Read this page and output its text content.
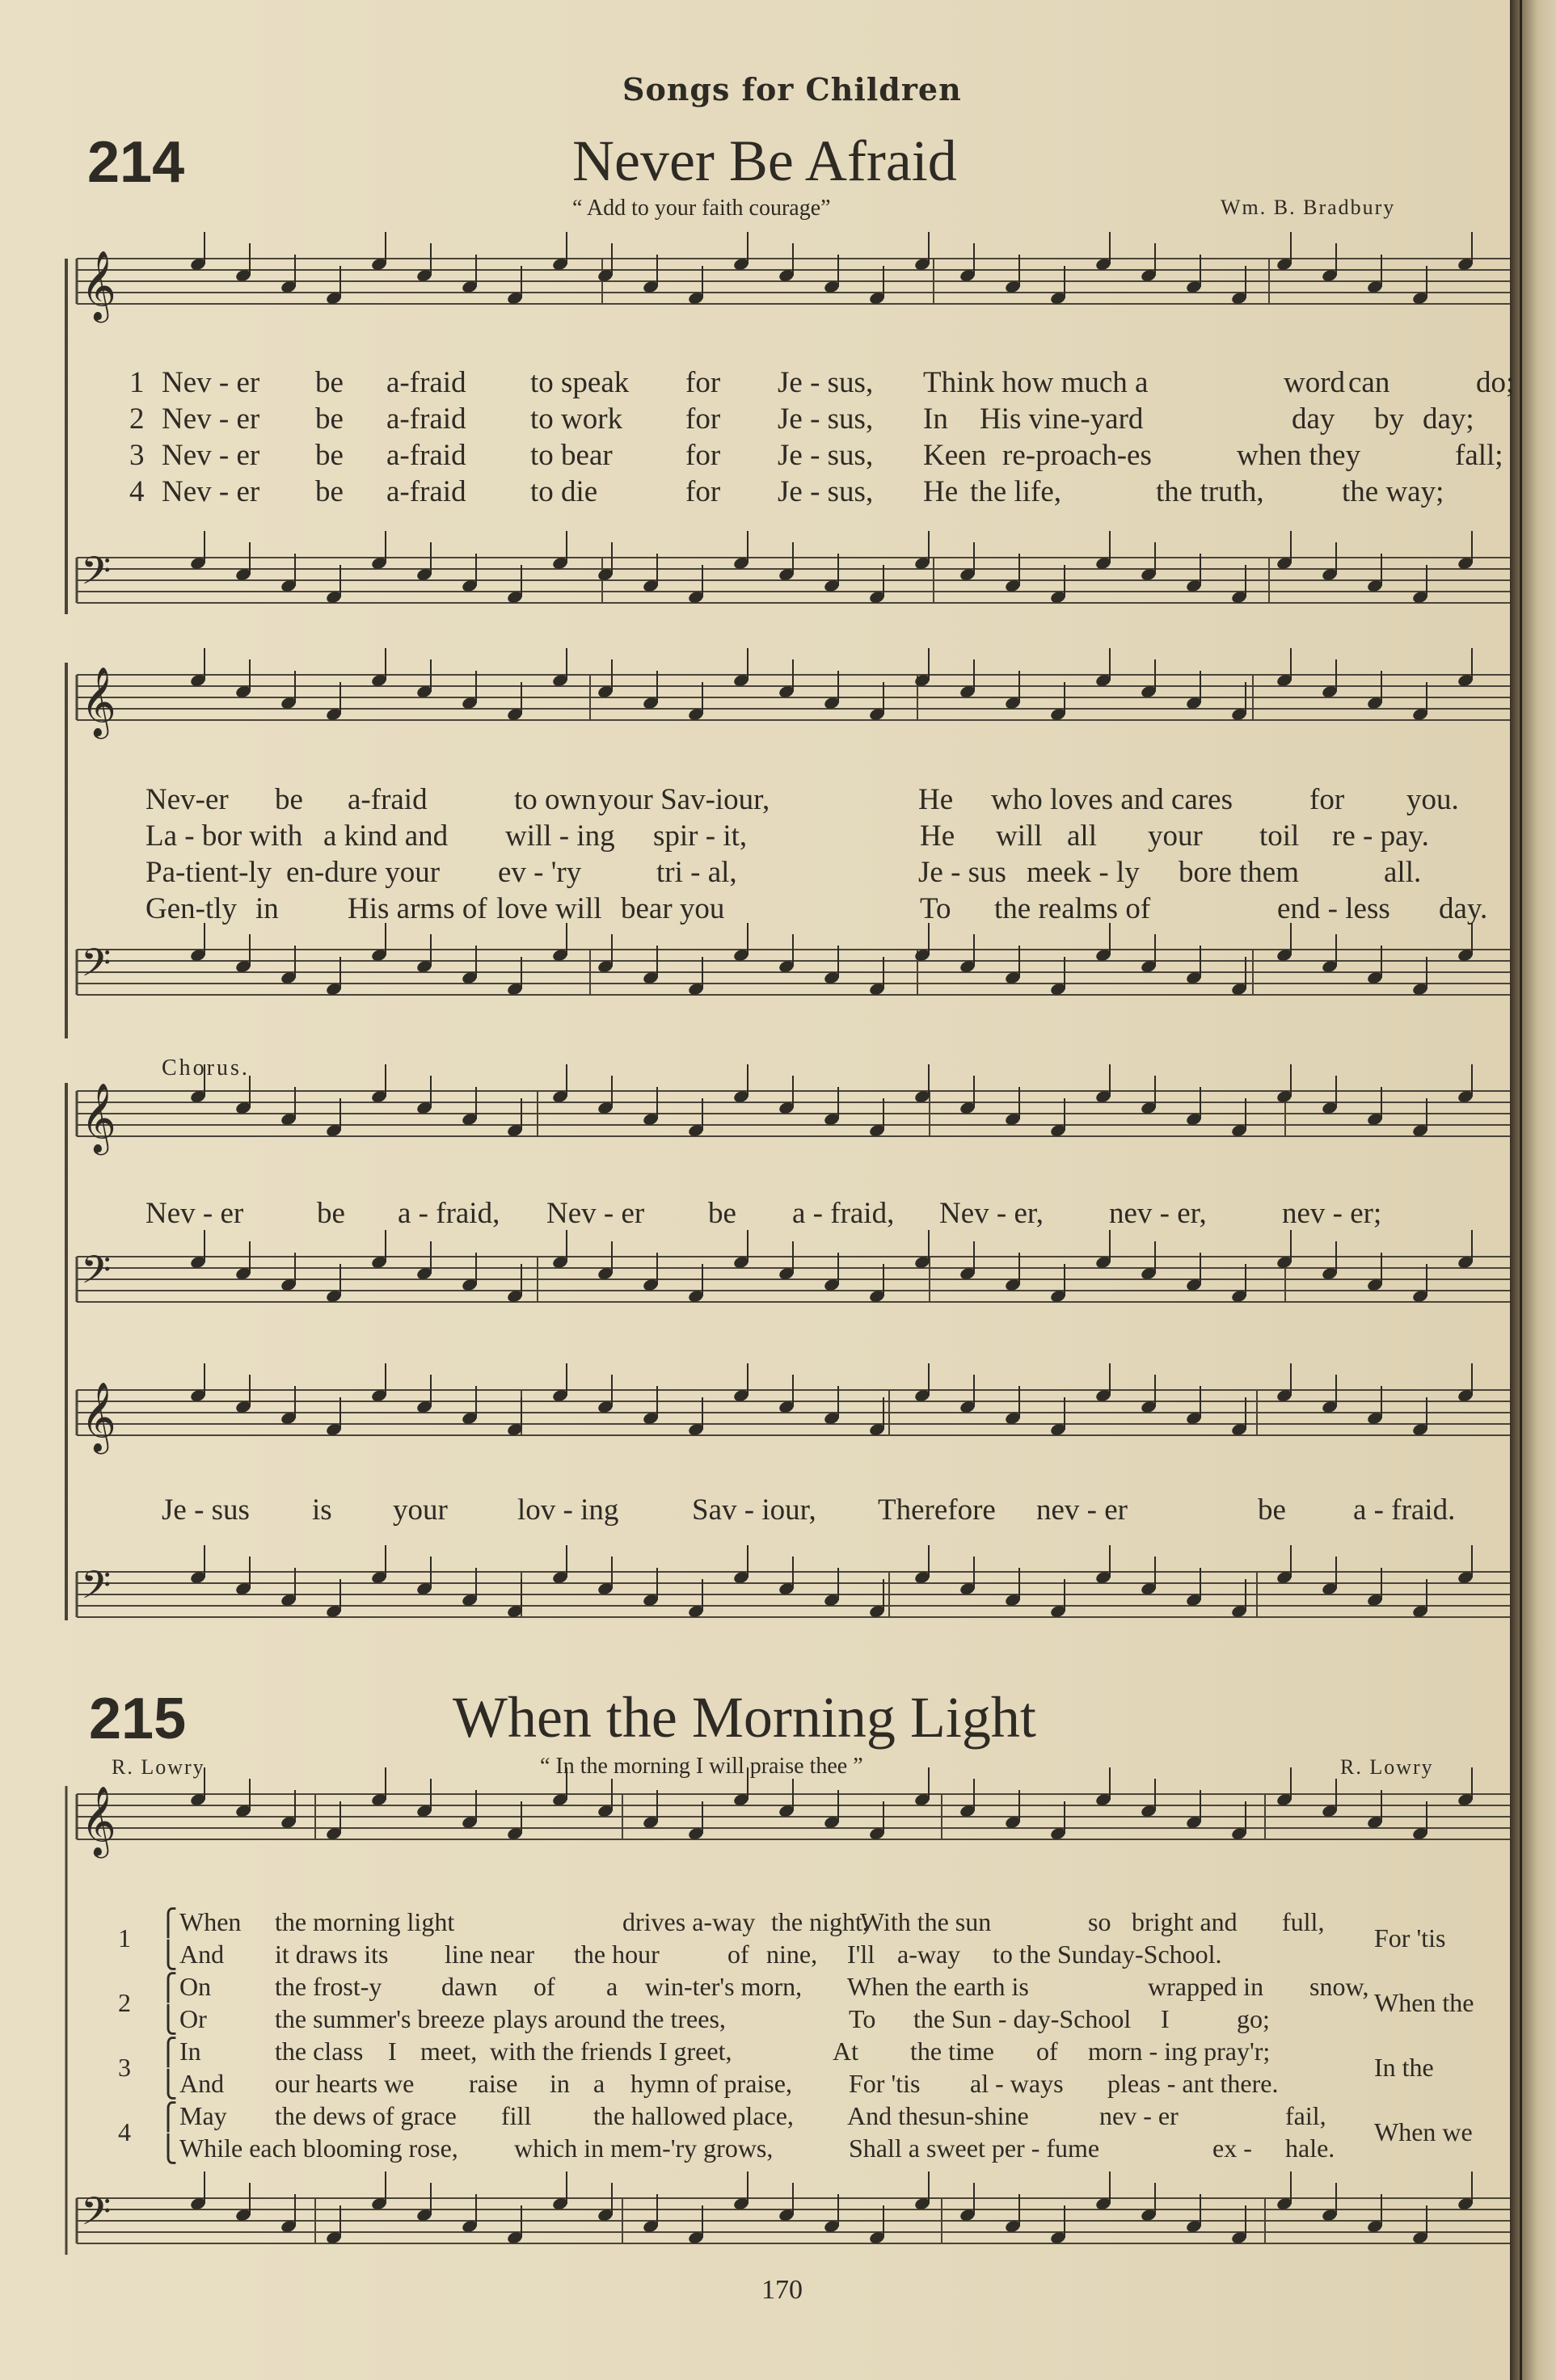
Songs for Children
214	Never Be Afraid
“ Add to your faith courage”	Wm. B. Bradbury
𝄞
𝄞
𝄞
𝄞
𝄞
𝄢
𝄢
𝄢
𝄢
𝄢
1 Nev - er be a-fraid to speak for Je - sus, Think how much a	word can	do;
2 Nev - er be a-fraid to work for Je - sus, In His vine-yard	day by day;
3 Nev - er be a-fraid to bear for Je - sus, Keen re-proach-es	when they	fall;
4 Nev - er be a-fraid to die	for Je - sus, He the life,	the truth,	the way;
Nev-er be a-fraid	to own your Sav-iour,	He who loves and cares	for you.
La - bor with a kind and will - ing spir - it,	He will all your toil re - pay.
Pa-tient-ly en-dure your ev - 'ry	tri - al,	Je - sus meek - ly bore them	all.
Gen-tly in His arms of love will bear you	To the realms of	end - less day.
Chorus.
Nev - er be a - fraid, Nev - er be a - fraid, Nev - er, nev - er,	nev - er;
Je - sus is your lov - ing Sav - iour, Therefore nev - er	be a - fraid.
215	When the Morning Light
R. Lowry	“ In the morning I will praise thee ”	R. Lowry
1	For 'tis
⎧ When the morning light	drives a-way the night,
With the sun	so bright and full,
⎩ And it draws its line near the hour	of nine, I'll a-way to the Sunday-School.
2	When the
⎧ On the frost-y dawn of a win-ter's morn, When the earth is	wrapped in snow,
⎩ Or	the summer's breeze plays around the trees,	To the Sun - day-School I	go;
3	In the
⎧ In	the class I meet, with the friends I greet,	At the time of morn - ing pray'r;
⎩ And our hearts we raise in a hymn of praise, For 'tis al - ways pleas - ant there.
4	When we
⎧ May the dews of grace fill the hallowed place, And the sun-shine	nev - er	fail,
⎩ While each blooming rose, which in mem-'ry grows,	Shall a sweet per - fume	ex - hale.
170
